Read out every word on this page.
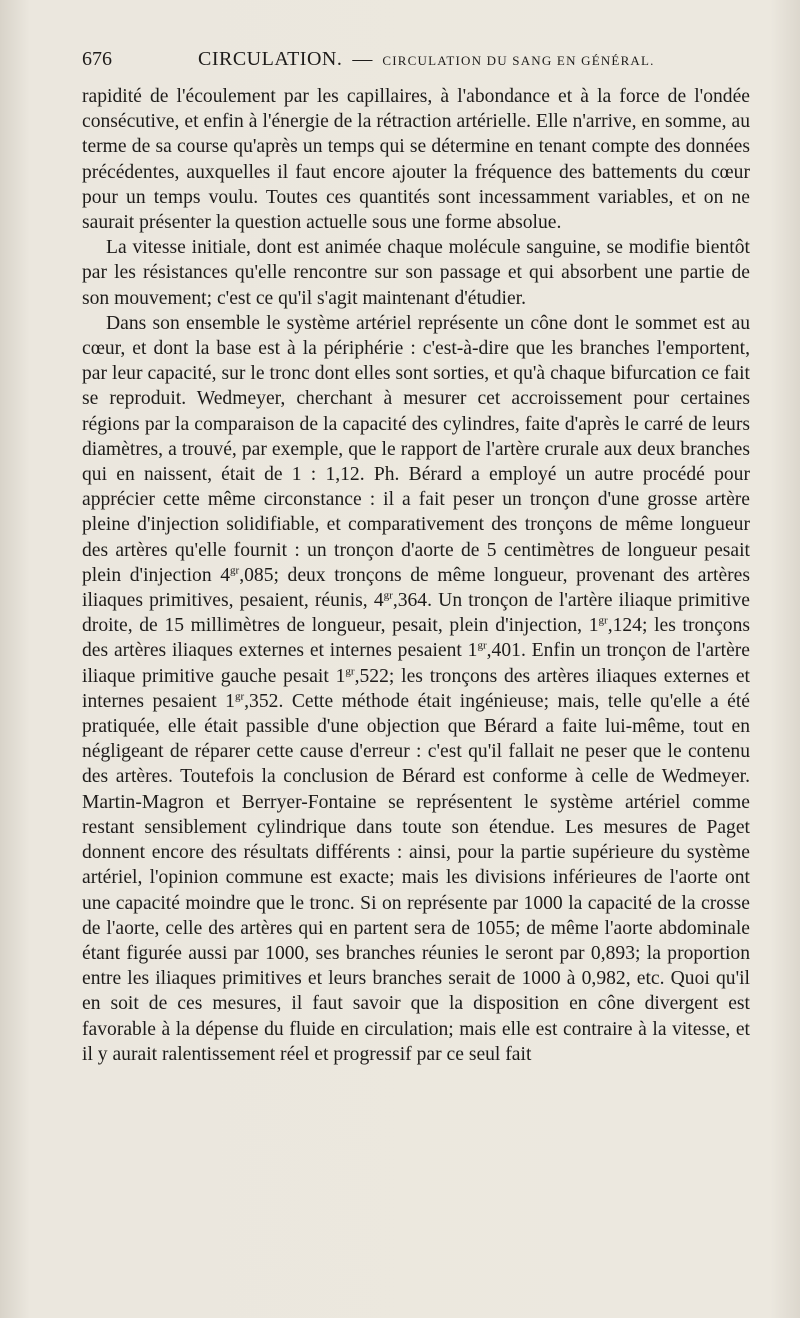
676	CIRCULATION. — CIRCULATION DU SANG EN GÉNÉRAL.

rapidité de l'écoulement par les capillaires, à l'abondance et à la force de l'ondée consécutive, et enfin à l'énergie de la rétraction artérielle. Elle n'arrive, en somme, au terme de sa course qu'après un temps qui se détermine en tenant compte des données précédentes, auxquelles il faut encore ajouter la fréquence des battements du cœur pour un temps voulu. Toutes ces quantités sont incessamment variables, et on ne saurait présenter la question actuelle sous une forme absolue.

La vitesse initiale, dont est animée chaque molécule sanguine, se modifie bientôt par les résistances qu'elle rencontre sur son passage et qui absorbent une partie de son mouvement; c'est ce qu'il s'agit maintenant d'étudier.

Dans son ensemble le système artériel représente un cône dont le sommet est au cœur, et dont la base est à la périphérie : c'est-à-dire que les branches l'emportent, par leur capacité, sur le tronc dont elles sont sorties, et qu'à chaque bifurcation ce fait se reproduit. Wedmeyer, cherchant à mesurer cet accroissement pour certaines régions par la comparaison de la capacité des cylindres, faite d'après le carré de leurs diamètres, a trouvé, par exemple, que le rapport de l'artère crurale aux deux branches qui en naissent, était de 1 : 1,12. Ph. Bérard a employé un autre procédé pour apprécier cette même circonstance : il a fait peser un tronçon d'une grosse artère pleine d'injection solidifiable, et comparativement des tronçons de même longueur des artères qu'elle fournit : un tronçon d'aorte de 5 centimètres de longueur pesait plein d'injection $4^{gr},085$; deux tronçons de même longueur, provenant des artères iliaques primitives, pesaient, réunis, $4^{gr},364$. Un tronçon de l'artère iliaque primitive droite, de 15 millimètres de longueur, pesait, plein d'injection, $1^{gr},124$; les tronçons des artères iliaques externes et internes pesaient $1^{gr},401$. Enfin un tronçon de l'artère iliaque primitive gauche pesait $1^{gr},522$; les tronçons des artères iliaques externes et internes pesaient $1^{gr},352$. Cette méthode était ingénieuse; mais, telle qu'elle a été pratiquée, elle était passible d'une objection que Bérard a faite lui-même, tout en négligeant de réparer cette cause d'erreur : c'est qu'il fallait ne peser que le contenu des artères. Toutefois la conclusion de Bérard est conforme à celle de Wedmeyer. Martin-Magron et Berryer-Fontaine se représentent le système artériel comme restant sensiblement cylindrique dans toute son étendue. Les mesures de Paget donnent encore des résultats différents : ainsi, pour la partie supérieure du système artériel, l'opinion commune est exacte; mais les divisions inférieures de l'aorte ont une capacité moindre que le tronc. Si on représente par 1000 la capacité de la crosse de l'aorte, celle des artères qui en partent sera de 1055; de même l'aorte abdominale étant figurée aussi par 1000, ses branches réunies le seront par 0,893; la proportion entre les iliaques primitives et leurs branches serait de 1000 à 0,982, etc. Quoi qu'il en soit de ces mesures, il faut savoir que la disposition en cône divergent est favorable à la dépense du fluide en circulation; mais elle est contraire à la vitesse, et il y aurait ralentissement réel et progressif par ce seul fait
